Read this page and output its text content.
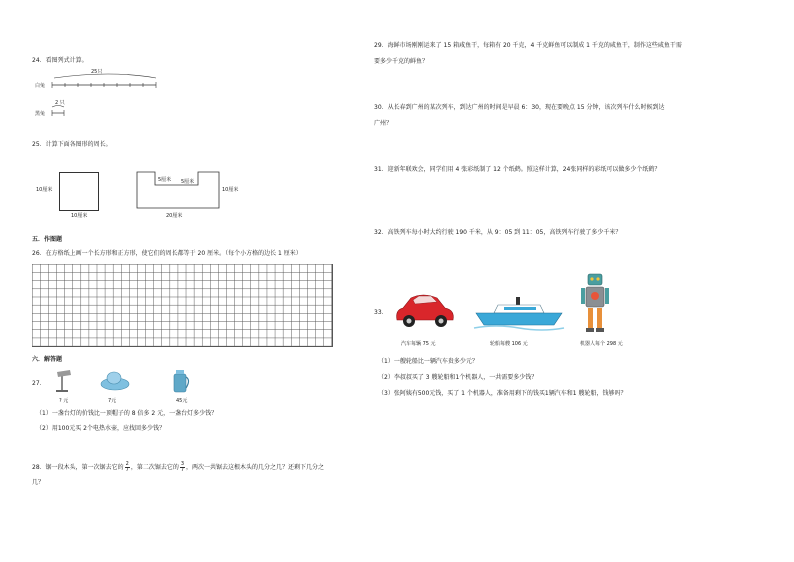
24．看图列式计算。
25只
白兔
2 只
黑兔
25．计算下面各图形的周长。
10厘米
10厘米
5厘米 5厘米
10厘米
20厘米
五．作图题
26．在方格纸上画一个长方形和正方形，使它们的周长都等于 20 厘米。（每个小方格的边长 1 厘米）
六．解答题
27．
? 元	7元	45元
（1）一盏台灯的价钱比一顶帽子的 8 倍多 2 元，一盏台灯多少钱？
（2）用100元买 2个电热水壶，应找回多少钱？
28．锯一段木头，第一次锯去它的$\frac{2}{7}$，第二次锯去它的$\frac{3}{7}$，两次一共锯去这根木头的几分之几？还剩下几分之
几？
29．海鲜市场刚刚运来了 15 箱咸鱼干，每箱有 20 千克，4 千克鲜鱼可以制成 1 千克的咸鱼干，制作这些咸鱼干需
要多少千克的鲜鱼？
30．从长春到广州的某次列车，到达广州的时间是早晨 6：30，现在要晚点 15 分钟，该次列车什么时候到达
广州？
31．迎新年联欢会，同学们用 4 张彩纸制了 12 个纸鹤。照这样计算，24张同样的彩纸可以做多少个纸鹤？
32．高铁列车每小时大约行驶 190 千米，从 9：05 到 11：05，高铁列车行驶了多少千米？
33．
汽车每辆 75 元	轮船每艘 106 元	机器人每个 298 元
（1）一艘轮船比一辆汽车贵多少元？
（2）李叔叔买了 3 艘轮船和1个机器人，一共需要多少钱？
（3）张阿姨有500元钱，买了 1 个机器人，准备用剩下的钱买1辆汽车和1 艘轮船，钱够吗？
